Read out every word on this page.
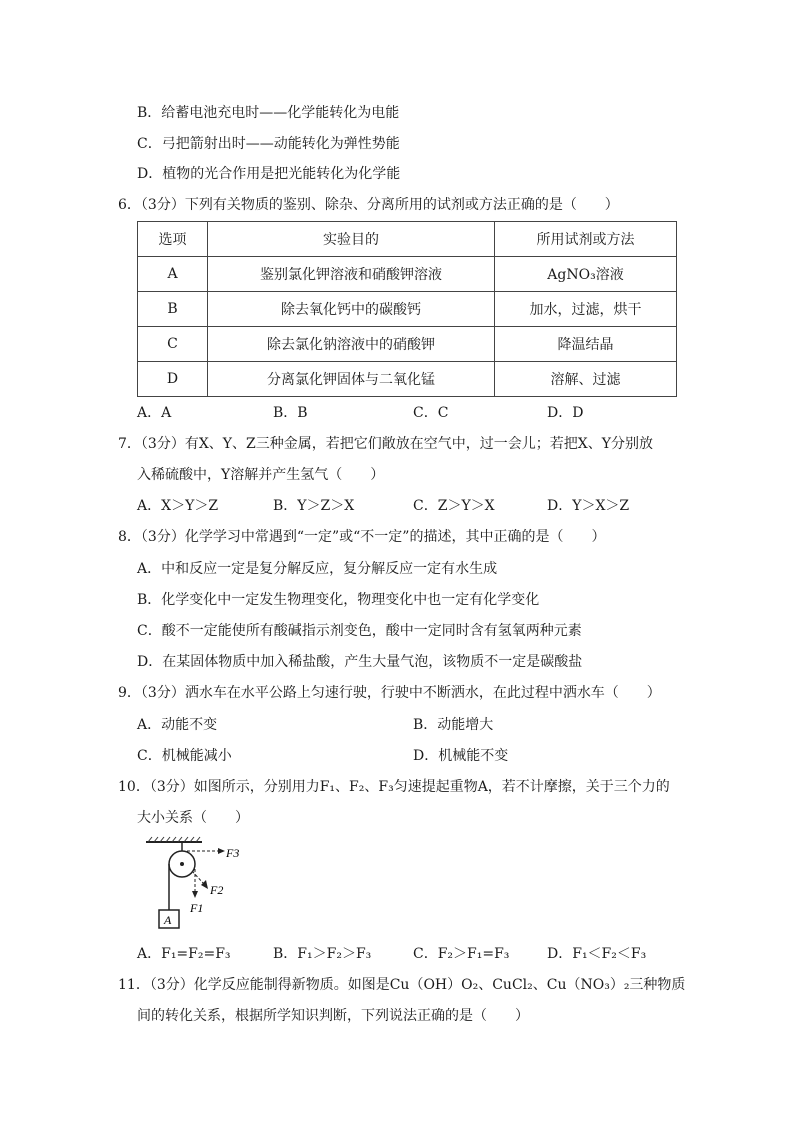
B．给蓄电池充电时——化学能转化为电能
C．弓把箭射出时——动能转化为弹性势能
D．植物的光合作用是把光能转化为化学能
6．（3分）下列有关物质的鉴别、除杂、分离所用的试剂或方法正确的是（　　）
选项	实验目的	所用试剂或方法
A	鉴别氯化钾溶液和硝酸钾溶液	AgNO₃溶液
B	除去氧化钙中的碳酸钙	加水，过滤，烘干
C	除去氯化钠溶液中的硝酸钾	降温结晶
D	分离氯化钾固体与二氧化锰	溶解、过滤
A．A	B．B	C．C	D．D
7．（3分）有X、Y、Z三种金属，若把它们敞放在空气中，过一会儿；若把X、Y分别放
入稀硫酸中，Y溶解并产生氢气（　　）
A．X＞Y＞Z	B．Y＞Z＞X	C．Z＞Y＞X	D．Y＞X＞Z
8．（3分）化学学习中常遇到“一定”或“不一定”的描述，其中正确的是（　　）
A．中和反应一定是复分解反应，复分解反应一定有水生成
B．化学变化中一定发生物理变化，物理变化中也一定有化学变化
C．酸不一定能使所有酸碱指示剂变色，酸中一定同时含有氢氧两种元素
D．在某固体物质中加入稀盐酸，产生大量气泡，该物质不一定是碳酸盐
9．（3分）洒水车在水平公路上匀速行驶，行驶中不断洒水，在此过程中洒水车（　　）
A．动能不变	B．动能增大
C．机械能减小	D．机械能不变
10．（3分）如图所示，分别用力F₁、F₂、F₃匀速提起重物A，若不计摩擦，关于三个力的
大小关系（　　）
F3
F2
F1
A
A．F₁=F₂=F₃	B．F₁＞F₂＞F₃	C．F₂＞F₁=F₃	D．F₁＜F₂＜F₃
11．（3分）化学反应能制得新物质。如图是Cu（OH）O₂、CuCl₂、Cu（NO₃）₂三种物质
间的转化关系，根据所学知识判断，下列说法正确的是（　　）
